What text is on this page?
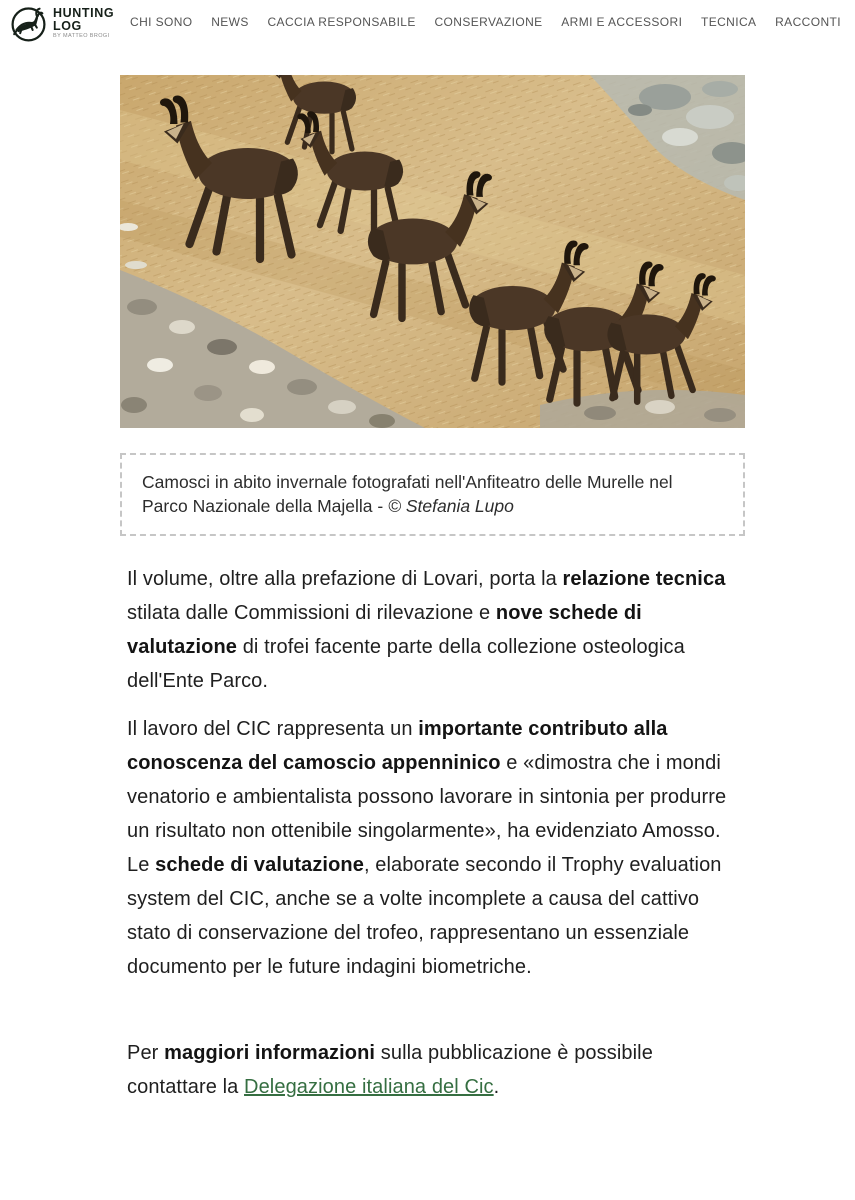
HUNTING
LOG
BY MATTEO BROGI
CHI SONO NEWS CACCIA RESPONSABILE CONSERVAZIONE ARMI E ACCESSORI TECNICA RACCONTI
Camosci in abito invernale fotografati nell'Anfiteatro delle Murelle nel Parco Nazionale della Majella - © Stefania Lupo

Il volume, oltre alla prefazione di Lovari, porta la relazione tecnica stilata dalle Commissioni di rilevazione e nove schede di valutazione di trofei facente parte della collezione osteologica dell'Ente Parco.

Il lavoro del CIC rappresenta un importante contributo alla conoscenza del camoscio appenninico e «dimostra che i mondi venatorio e ambientalista possono lavorare in sintonia per produrre un risultato non ottenibile singolarmente», ha evidenziato Amosso. Le schede di valutazione, elaborate secondo il Trophy evaluation system del CIC, anche se a volte incomplete a causa del cattivo stato di conservazione del trofeo, rappresentano un essenziale documento per le future indagini biometriche.

Per maggiori informazioni sulla pubblicazione è possibile contattare la Delegazione italiana del Cic.
